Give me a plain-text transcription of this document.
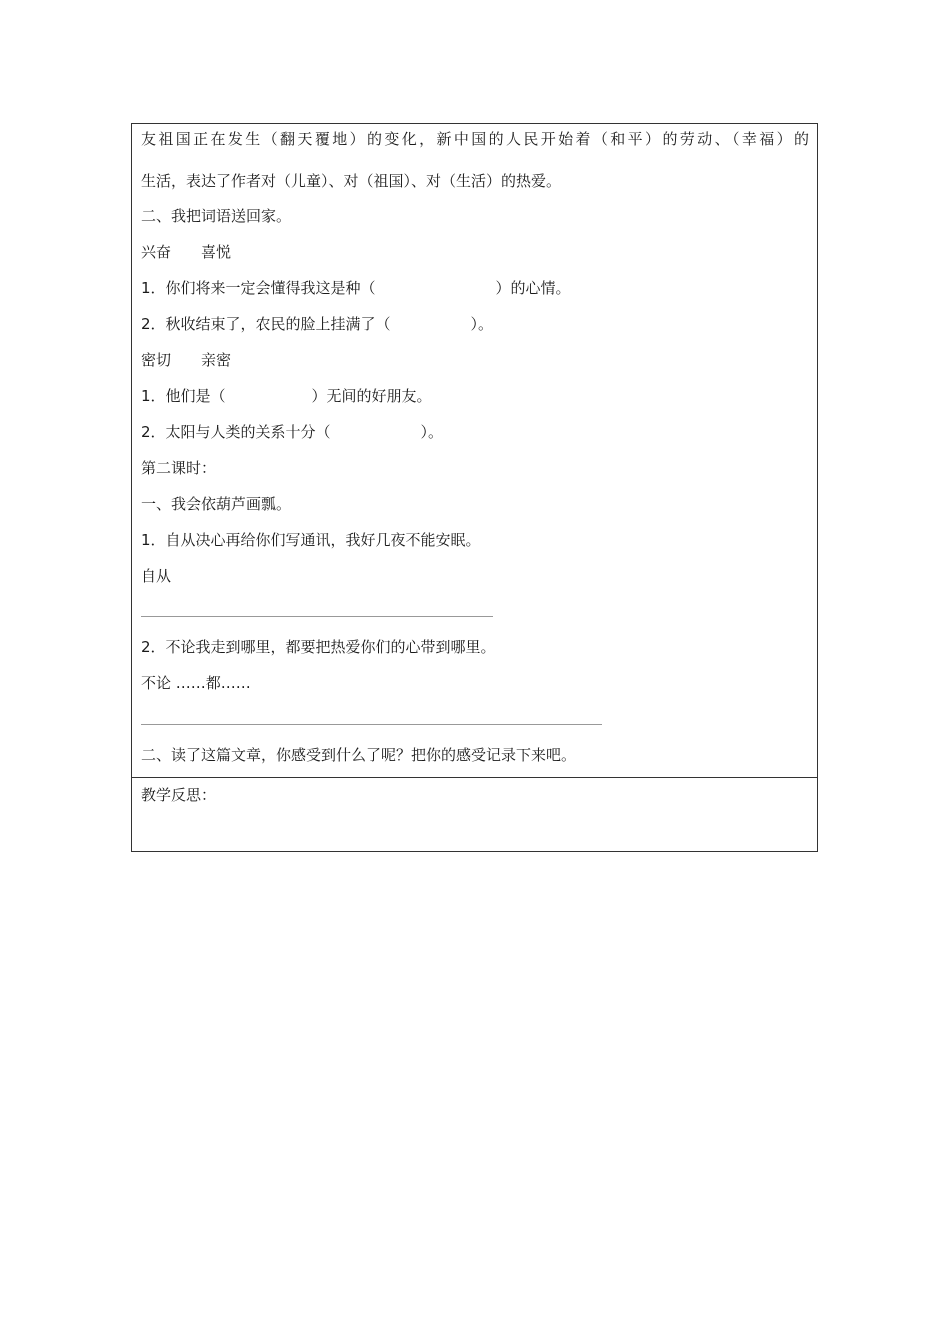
友祖国正在发生（翻天覆地）的变化，新中国的人民开始着（和平）的劳动、（幸福）的
生活，表达了作者对（儿童）、对（祖国）、对（生活）的热爱。
二、我把词语送回家。
兴奋　　喜悦
1．你们将来一定会懂得我这是种（	）的心情。
2．秋收结束了，农民的脸上挂满了（	）。
密切　　亲密
1．他们是（	）无间的好朋友。
2．太阳与人类的关系十分（	）。
第二课时：
一、我会依葫芦画瓢。
1．自从决心再给你们写通讯，我好几夜不能安眠。
自从
2．不论我走到哪里，都要把热爱你们的心带到哪里。
不论 ……都……
二、读了这篇文章，你感受到什么了呢？把你的感受记录下来吧。
教学反思：
